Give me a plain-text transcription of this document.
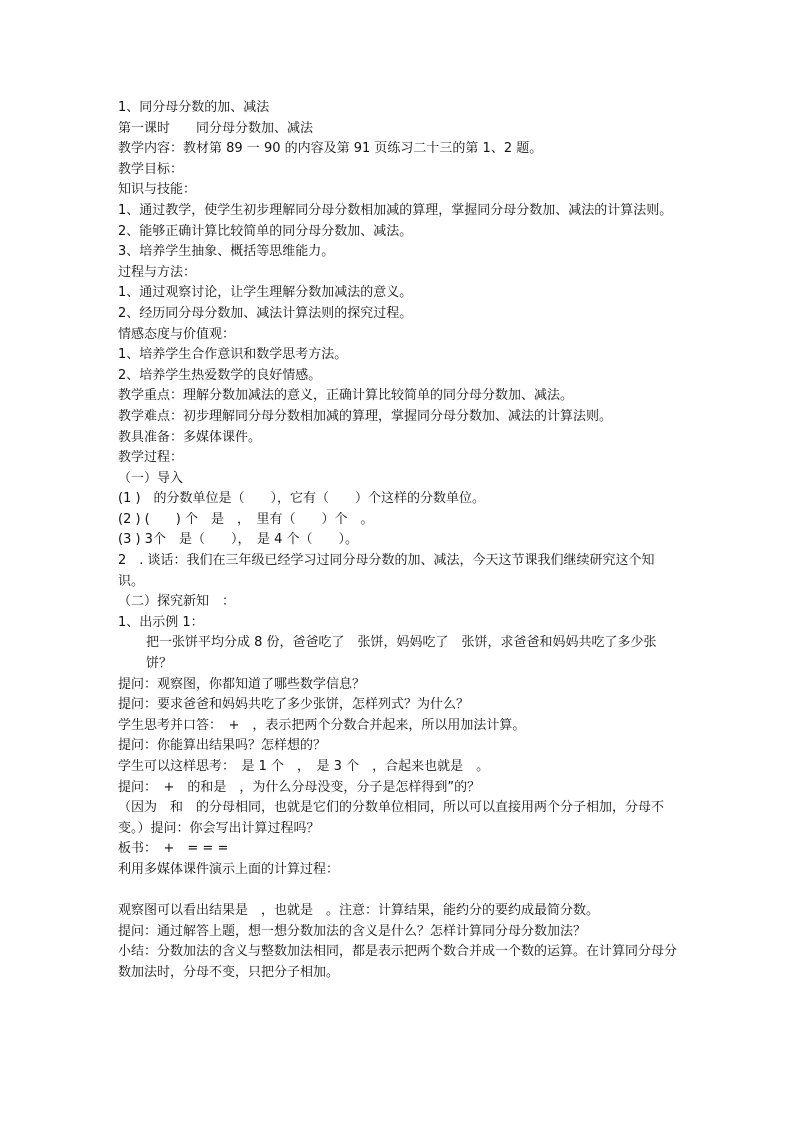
1、同分母分数的加、减法

第一课时　　同分母分数加、减法

教学内容：教材第 89 一 90 的内容及第 91 页练习二十三的第 1、2 题。

教学目标：

知识与技能：

1、通过教学，使学生初步理解同分母分数相加减的算理，掌握同分母分数加、减法的计算法则。

2、能够正确计算比较简单的同分母分数加、减法。

3、培养学生抽象、概括等思维能力。

过程与方法：

1、通过观察讨论，让学生理解分数加减法的意义。

2、经历同分母分数加、减法计算法则的探究过程。

情感态度与价值观：

1、培养学生合作意识和数学思考方法。

2、培养学生热爱数学的良好情感。

教学重点：理解分数加减法的意义，正确计算比较简单的同分母分数加、减法。

教学难点：初步理解同分母分数相加减的算理，掌握同分母分数加、减法的计算法则。

教具准备：多媒体课件。

教学过程：

（一）导入

(1 )　的分数单位是（　　），它有（　　）个这样的分数单位。

(2 ) (　　) 个　是　，　里有（　　）个　。

(3 ) 3个　是（　　），　是 4 个（　　）。

2　. 谈话：我们在三年级已经学习过同分母分数的加、减法，今天这节课我们继续研究这个知识。

（二）探究新知　：

1、出示例 1：

把一张饼平均分成 8 份，爸爸吃了　张饼，妈妈吃了　张饼，求爸爸和妈妈共吃了多少张饼？

提问：观察图，你都知道了哪些数学信息？

提问：要求爸爸和妈妈共吃了多少张饼，怎样列式？为什么？

学生思考并口答：　+　，表示把两个分数合并起来，所以用加法计算。

提问：你能算出结果吗？怎样想的？

学生可以这样思考：　是 1 个　，　是 3 个　，合起来也就是　。

提问：　+　的和是　，为什么分母没变，分子是怎样得到”的？

（因为　和　的分母相同，也就是它们的分数单位相同，所以可以直接用两个分子相加，分母不变。）提问：你会写出计算过程吗？

板书：　+　= = =

利用多媒体课件演示上面的计算过程：

观察图可以看出结果是　，也就是　。注意：计算结果，能约分的要约成最简分数。

提问：通过解答上题，想一想分数加法的含义是什么？怎样计算同分母分数加法？

小结：分数加法的含义与整数加法相同，都是表示把两个数合并成一个数的运算。在计算同分母分数加法时，分母不变，只把分子相加。
